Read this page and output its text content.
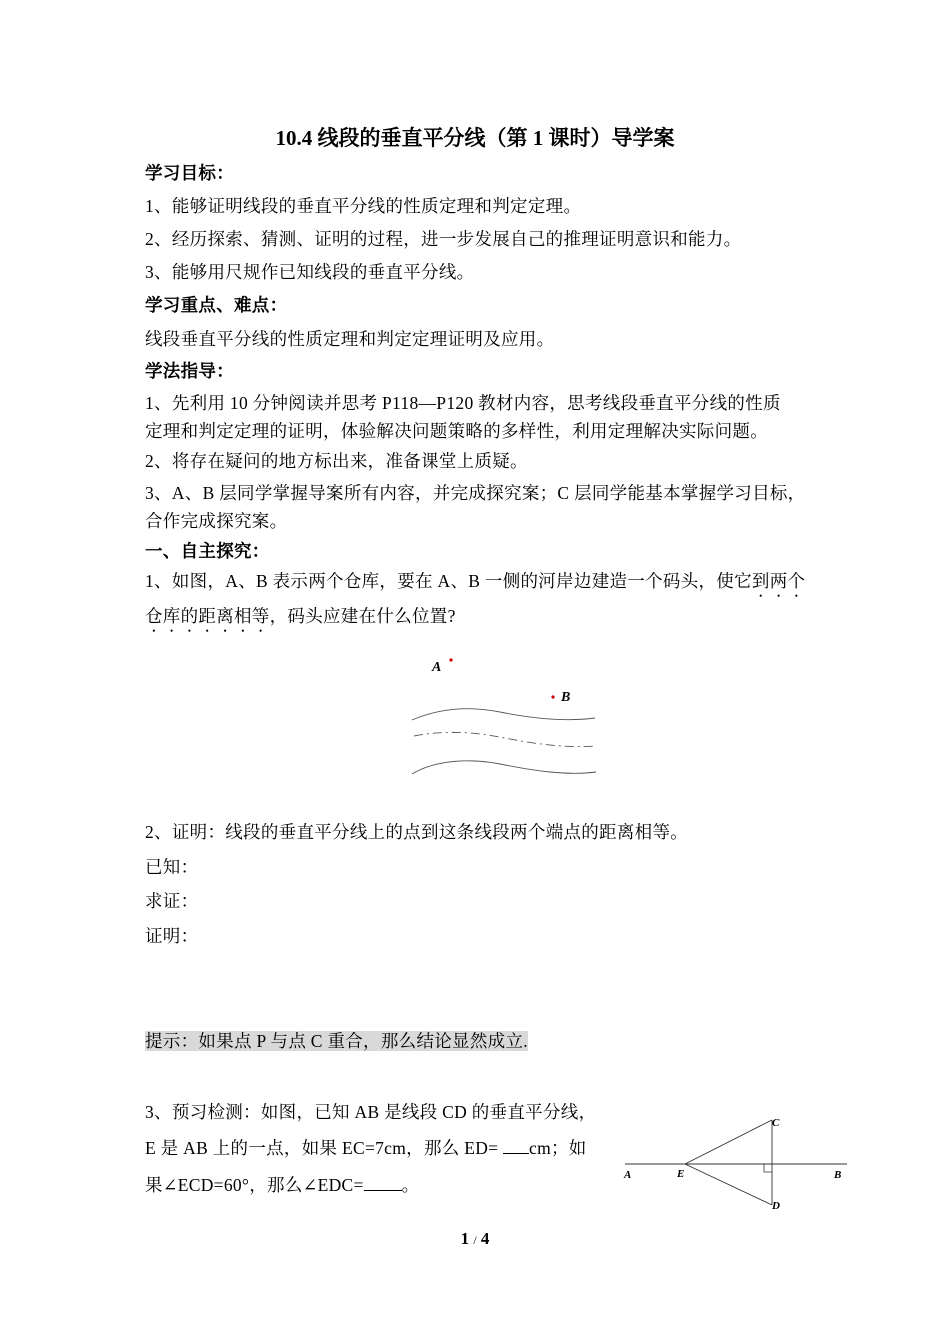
10.4 线段的垂直平分线（第 1 课时）导学案
学习目标：
1、能够证明线段的垂直平分线的性质定理和判定定理。
2、经历探索、猜测、证明的过程，进一步发展自己的推理证明意识和能力。
3、能够用尺规作已知线段的垂直平分线。
学习重点、难点：
线段垂直平分线的性质定理和判定定理证明及应用。
学法指导：
1、先利用 10 分钟阅读并思考 P118—P120 教材内容，思考线段垂直平分线的性质
定理和判定定理的证明，体验解决问题策略的多样性，利用定理解决实际问题。
2、将存在疑问的地方标出来，准备课堂上质疑。
3、A、B 层同学掌握导案所有内容，并完成探究案；C 层同学能基本掌握学习目标，
合作完成探究案。
一、自主探究：
1、如图，A、B 表示两个仓库，要在 A、B 一侧的河岸边建造一个码头，使它到两个
仓库的距离相等，码头应建在什么位置?
A
B
2、证明：线段的垂直平分线上的点到这条线段两个端点的距离相等。
已知：
求证：
证明：
提示：如果点 P 与点 C 重合，那么结论显然成立.
3、预习检测：如图，已知 AB 是线段 CD 的垂直平分线，
E 是 AB 上的一点，如果 EC=7cm，那么 ED= cm；如
果∠ECD=60°，那么∠EDC= 。	A	E	B
C
D
1 / 4
